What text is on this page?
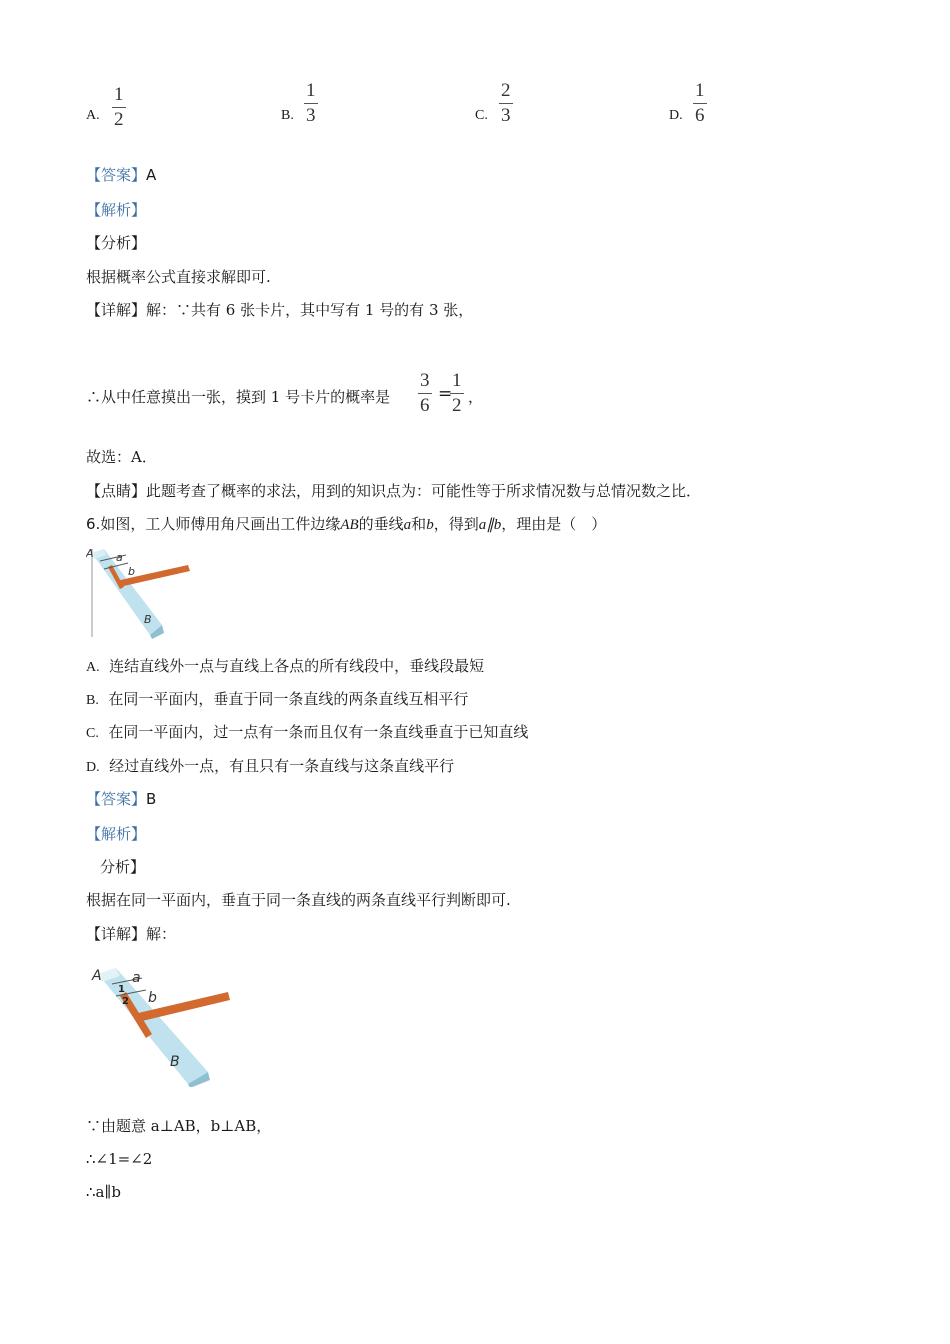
A.
1
2	B.
1
3	C.
2
3	D.
1
6
【答案】A
【解析】
【分析】
根据概率公式直接求解即可.
【详解】解：∵共有 6 张卡片，其中写有 1 号的有 3 张，
∴从中任意摸出一张，摸到 1 号卡片的概率是
3
6
=
1
2 ，
故选：A．
【点睛】此题考查了概率的求法，用到的知识点为：可能性等于所求情况数与总情况数之比．
6.如图，工人师傅用角尺画出工件边缘AB的垂线a和b，得到a∥b，理由是（　）
A a
b
B
A. 连结直线外一点与直线上各点的所有线段中，垂线段最短
B. 在同一平面内，垂直于同一条直线的两条直线互相平行
C. 在同一平面内，过一点有一条而且仅有一条直线垂直于已知直线
D. 经过直线外一点，有且只有一条直线与这条直线平行
【答案】B
【解析】
分析】
根据在同一平面内，垂直于同一条直线的两条直线平行判断即可.
【详解】解：
A a
1
2 b
B
∵由题意 a⊥AB，b⊥AB，
∴∠1=∠2
∴a∥b
